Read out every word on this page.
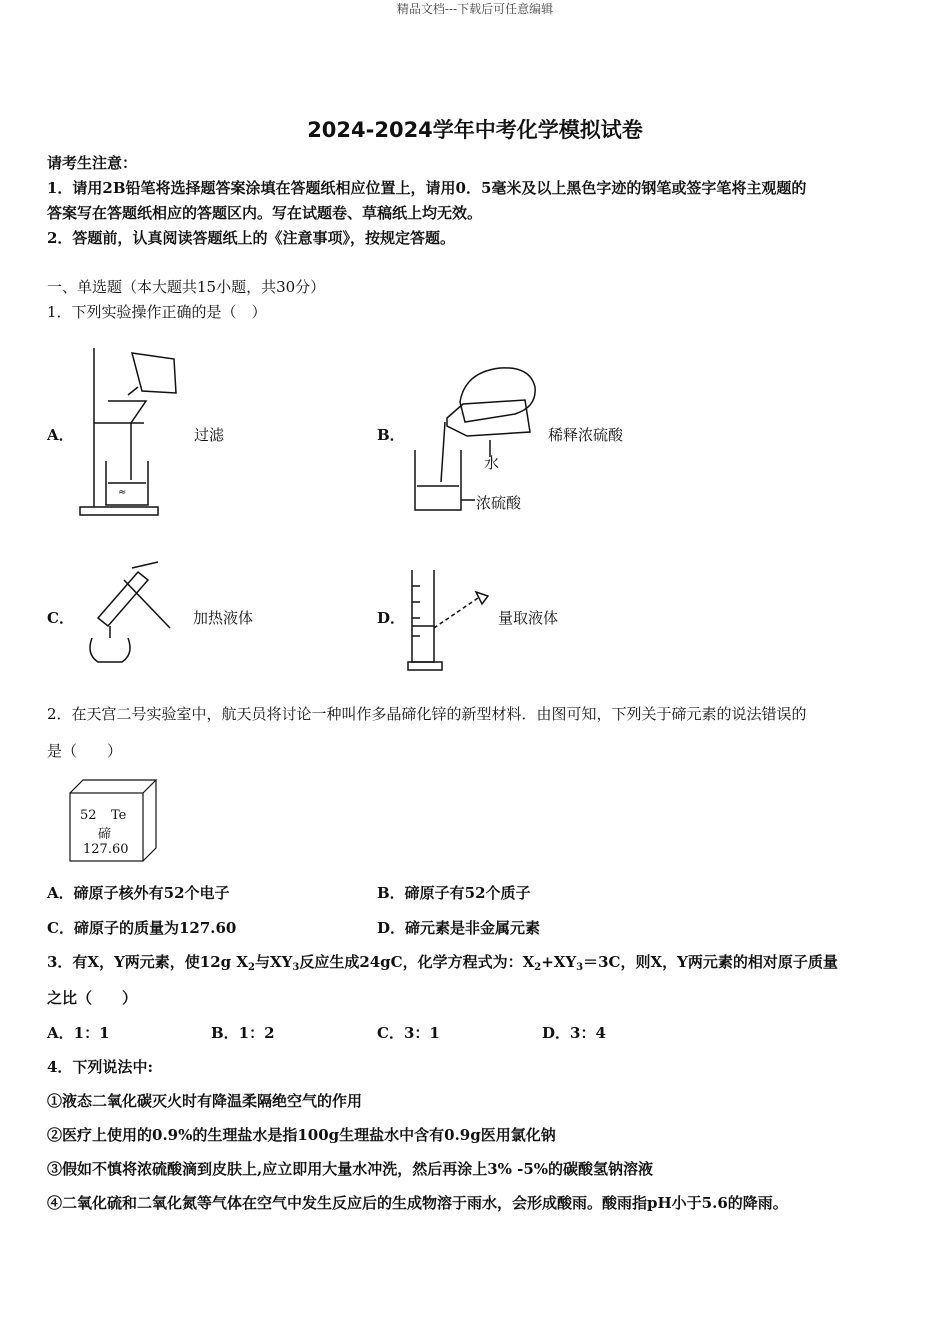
精品文档---下载后可任意编辑
2024-2024学年中考化学模拟试卷
请考生注意：
1．请用2B铅笔将选择题答案涂填在答题纸相应位置上，请用0．5毫米及以上黑色字迹的钢笔或签字笔将主观题的
答案写在答题纸相应的答题区内。写在试题卷、草稿纸上均无效。
2．答题前，认真阅读答题纸上的《注意事项》，按规定答题。
一、单选题（本大题共15小题，共30分）
1．下列实验操作正确的是（　）
A．
≈
过滤	B．
水
浓硫酸
稀释浓硫酸
C．	加热液体	D．	量取液体
2．在天宫二号实验室中，航天员将讨论一种叫作多晶碲化锌的新型材料．由图可知，下列关于碲元素的说法错误的
是（　　）
52 Te
碲
127.60
A．碲原子核外有52个电子	B．碲原子有52个质子
C．碲原子的质量为127.60	D．碲元素是非金属元素
3．有X，Y两元素，使12g $X_2$与$XY_3$反应生成24gC，化学方程式为：$X_2+XY_3=3C$，则X，Y两元素的相对原子质量
之比（　　）
A．1：1	B．1：2	C．3：1	D．3：4
4．下列说法中:
①液态二氧化碳灭火时有降温柔隔绝空气的作用
②医疗上使用的0.9%的生理盐水是指100g生理盐水中含有0.9g医用氯化钠
③假如不慎将浓硫酸滴到皮肤上,应立即用大量水冲洗，然后再涂上3% -5%的碳酸氢钠溶液
④二氧化硫和二氧化氮等气体在空气中发生反应后的生成物溶于雨水，会形成酸雨。酸雨指pH小于5.6的降雨。
